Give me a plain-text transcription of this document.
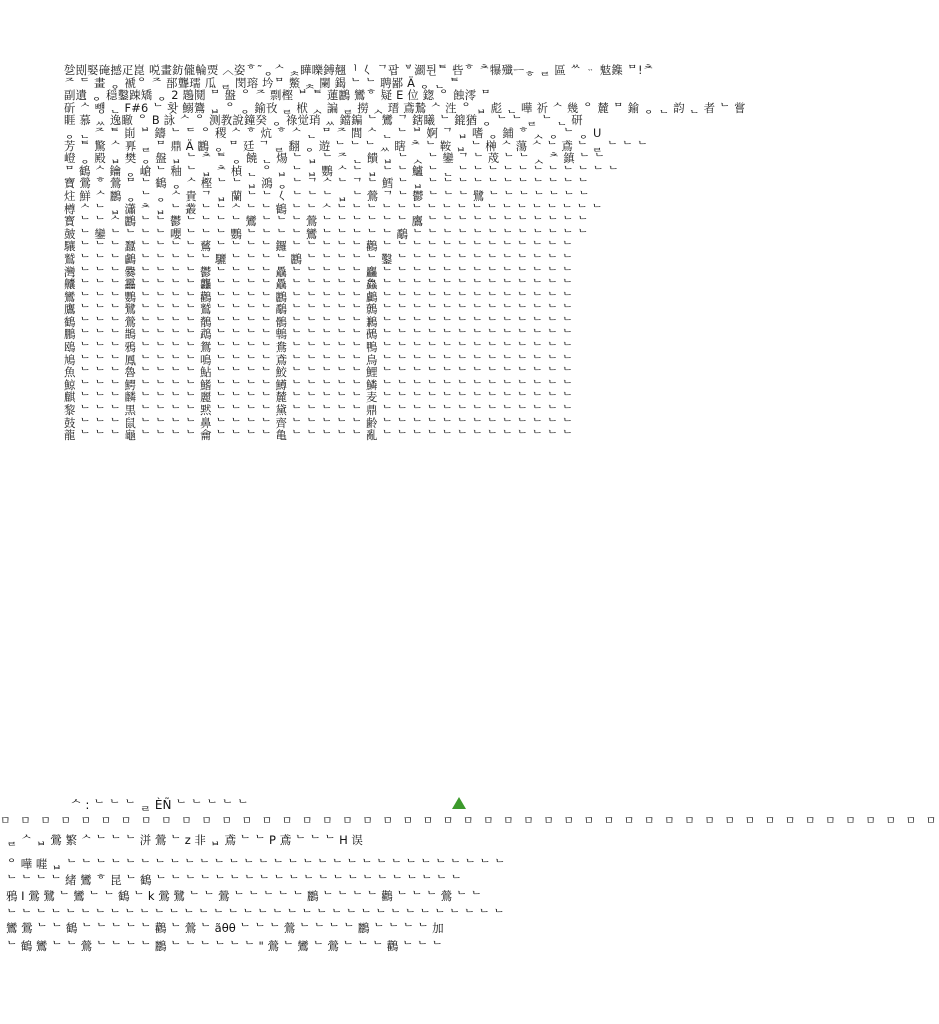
乻刡婜硽撼疋崑 哾畫鈁儱輪㶾 ︿姿ᄒ˜ᆼᄉ ᆾ瞱嚛鎛翹ᅵ 𡿨 ᄀ팝 ᄫ瀱튄ᄐ 呰ᄒ ᄎ犦殲ᅳᇂ ᆯ 區 ᄊ ᆢ 鬾鏶 ᄆ!ᄎ
ᄌ ᄃ 畫 ᆼ 褫ᄋ ᄌ 郚聾瓀 瓜 ᆯ 閔瑢 坅ᄆ 鱉 ᆾ 闌 鍻 ᄂ ᄂ 聘鄙 Ä ᆼ ᆫ ᄐ
副遺 ᆼ 穏鑿踈矯 ᆼ 2 鶗鬩 ᄆ 盤 ᄋ ᄌ 剽樫 ᄇ ᄐ 蓮鸝 鸞ᄒ 疑 E 位 鍯 ᄋ 蝕澪 ᄆ
斫 ᄉ 뻉 ᆫ F#6 ᄂ 홧 鰯鷟 ᆸ ᄋ ᆼ 鍮攼 ᆯ 栿 ᆺ 諞 ᆯ 撈 ᆺ 瑨 鳶鷙 ᄉ 泩 ᄋ ᆸ 彪 ᆫ 嘩 祈 ᄉ 幾 ᄋ 麓 ᄆ 鍮 ᆼ ᆫ 韵 ᆫ 者 ᄂ 嘗
睚 慕 ᆻ 逸瞮 ᄋ B 詠 ᄉ ᄋ 测教說鐘癸 ᆼ 祿觉琑 ᆻ 鐺鍽 ᄂ 鸞 ᄀ 鎋䂀 ᄂ 鎞猶 ᆼ ᄂ ᄂ ᆯ ᄂ ᆫ 研
ᆼ ᆫ ᄌ ᄐ 崱 ᄇ 鑄 ᄂ ᄃ ᄋ 稷 ᄉ ᄒ 炕 ᄒ ᄉ ᆫ ᄆ ᄌ 閭 ᄉ ᆫ ᄂ ᄇ 婀 ᄀ ᆸ 嗜 ᆼ 鋪 ᄒ ᆺ ᆼ ᄂ ᆼ U
芳 ᄐ 驚 ᄉ 奡 ᆯ ᄆ 鼎 Ä 鸝 ᆼ ᄆ 廷 ᄀ ᆯ 翻 ᆼ 遊 ᄂ ᄂ ᄂ ᆻ 瞎 ᄎ ᄂ 鞍 ᆸ ᄂ 榊 ᄉ 蕩 ᄉ ᄂ 鳶 ᄂ ᆯ ᄂ ᄂ ᄂ
嶝 ᆼ 殿 ᆸ 樊 ᆼ 盤 ᆸ ᄂ ᄎ ᄐ ᆼ 饒 ᆫ 煬 ᄂ ᆸ ᄂ ᄌ ᆫ 饋 ᆸ ᄂ ᆺ ᄂ 鑾 ᄀ ᄂ 荗 ᄂ ᄂ ᆺ ᄎ 鎮 ᄂ ᄂ
ᄆ 鶴 ᄉ 鑰 ᆼ 嵢 ᄂ 釉 ᄂ ᆸ ᄎ 楨 ᆫ ᄋ ᆸ ᄂ ᆸ 鸚 ᄉ ᄂ ᆸ ᄂ ᄂ 鱸 ᄂ ᆫ ᄂ ᄂ ᄂ ᄂ ᄂ ᄂ ᄂ ᄂ ᄂ ᄂ ᄂ
寶 鶯 ᄒ 鶯 ᄆ ᄂ 鶴 ᆼ ᄉ 樫 ᄂ ᄂ ᆸ 鴻 ᆼ ᄂ ᄀ ᄉ ᄂ ᄀ ᄂ 鱈 ᄂ ᆸ ᄂ ᄂ ᄂ ᄂ ᄂ ᄂ ᄂ ᄂ ᄂ ᄂ ᄂ
炷 鮮 ᄉ 鸝 ᆼ ᄂ ᆼ ᄉ 貴 ᄀ ᆸ 蘭 ᄂ ᄂ 𡿨 ᄂ ᄂ ᄂ ᆸ ᄂ 鶯 ᄀ ᄂ 鬱 ᄂ ᄂ ᄂ 鷺 ᄂ ᄂ ᄂ ᄂ ᄂ ᄂ ᄂ
樽 ᄉ ᄂ ᆸ 瀟 ᄎ ᆸ ᄂ 叢 ᄂ ᄂ ᄉ ᄂ ᄂ 鶴 ᄂ ᄂ ᄉ ᄂ ᄂ ᄂ ᄂ ᄂ ᄂ ᄂ ᄂ ᄂ ᄂ ᄂ ᄂ ᄂ ᄂ ᄂ ᄂ ᄂ ᄂ
寳 ᄂ ᄂ ᄉ 鸝 ᄂ ᄂ 鬱 ᄂ ᄂ ᄂ ᄂ 鸞 ᄂ ᄂ ᄂ 鶯 ᄂ ᄂ ᄂ ᄂ ᄂ ᄂ 鷹 ᄂ ᄂ ᄂ ᄂ ᄂ ᄂ ᄂ ᄂ ᄂ ᄂ ᄂ
皷 ᄂ 鑾 ᄂ ᄂ ᄂ ᄂ 嚶 ᄂ ᄂ ᄂ 鸚 ᄂ ᄂ ᄂ ᄂ 鸞 ᄂ ᄂ ᄂ ᄂ ᄂ 鷸 ᄂ ᄂ ᄂ ᄂ ᄂ ᄂ ᄂ ᄂ ᄂ ᄂ ᄂ ᄂ
驤 ᄂ ᄂ ᄂ 蠶 ᄂ ᄂ ᄂ ᄂ 鶿 ᄂ ᄂ ᄂ ᄂ 鑼 ᄂ ᄂ ᄂ ᄂ ᄂ 鸛 ᄂ ᄂ ᄂ ᄂ ᄂ ᄂ ᄂ ᄂ ᄂ ᄂ ᄂ ᄂ ᄂ
鷲 ᄂ ᄂ ᄂ 鸕 ᄂ ᄂ ᄂ ᄂ ᄂ 驪 ᄂ ᄂ ᄂ ᄂ 鸝 ᄂ ᄂ ᄂ ᄂ ᄂ 鑿 ᄂ ᄂ ᄂ ᄂ ᄂ ᄂ ᄂ ᄂ ᄂ ᄂ ᄂ ᄂ
灣 ᄂ ᄂ ᄂ 爨 ᄂ ᄂ ᄂ ᄂ 鬱 ᄂ ᄂ ᄂ ᄂ 驫 ᄂ ᄂ ᄂ ᄂ ᄂ 麤 ᄂ ᄂ ᄂ ᄂ ᄂ ᄂ ᄂ ᄂ ᄂ ᄂ ᄂ ᄂ ᄂ
齉 ᄂ ᄂ ᄂ 靐 ᄂ ᄂ ᄂ ᄂ 龘 ᄂ ᄂ ᄂ ᄂ 驫 ᄂ ᄂ ᄂ ᄂ ᄂ 鱻 ᄂ ᄂ ᄂ ᄂ ᄂ ᄂ ᄂ ᄂ ᄂ ᄂ ᄂ ᄂ ᄂ
鸞 ᄂ ᄂ ᄂ 鸚 ᄂ ᄂ ᄂ ᄂ 鸛 ᄂ ᄂ ᄂ ᄂ 鸝 ᄂ ᄂ ᄂ ᄂ ᄂ 鸕 ᄂ ᄂ ᄂ ᄂ ᄂ ᄂ ᄂ ᄂ ᄂ ᄂ ᄂ ᄂ ᄂ
鷹 ᄂ ᄂ ᄂ 鷺 ᄂ ᄂ ᄂ ᄂ 鷲 ᄂ ᄂ ᄂ ᄂ 鷸 ᄂ ᄂ ᄂ ᄂ ᄂ 鷯 ᄂ ᄂ ᄂ ᄂ ᄂ ᄂ ᄂ ᄂ ᄂ ᄂ ᄂ ᄂ ᄂ
鶴 ᄂ ᄂ ᄂ 鶯 ᄂ ᄂ ᄂ ᄂ 鶺 ᄂ ᄂ ᄂ ᄂ 鶻 ᄂ ᄂ ᄂ ᄂ ᄂ 鶼 ᄂ ᄂ ᄂ ᄂ ᄂ ᄂ ᄂ ᄂ ᄂ ᄂ ᄂ ᄂ ᄂ
鵬 ᄂ ᄂ ᄂ 鵲 ᄂ ᄂ ᄂ ᄂ 鵡 ᄂ ᄂ ᄂ ᄂ 鵯 ᄂ ᄂ ᄂ ᄂ ᄂ 鵺 ᄂ ᄂ ᄂ ᄂ ᄂ ᄂ ᄂ ᄂ ᄂ ᄂ ᄂ ᄂ ᄂ
鴎 ᄂ ᄂ ᄂ 鴉 ᄂ ᄂ ᄂ ᄂ 鴛 ᄂ ᄂ ᄂ ᄂ 鴦 ᄂ ᄂ ᄂ ᄂ ᄂ 鴨 ᄂ ᄂ ᄂ ᄂ ᄂ ᄂ ᄂ ᄂ ᄂ ᄂ ᄂ ᄂ ᄂ
鳩 ᄂ ᄂ ᄂ 鳳 ᄂ ᄂ ᄂ ᄂ 鳴 ᄂ ᄂ ᄂ ᄂ 鳶 ᄂ ᄂ ᄂ ᄂ ᄂ 鳥 ᄂ ᄂ ᄂ ᄂ ᄂ ᄂ ᄂ ᄂ ᄂ ᄂ ᄂ ᄂ ᄂ
魚 ᄂ ᄂ ᄂ 魯 ᄂ ᄂ ᄂ ᄂ 鮎 ᄂ ᄂ ᄂ ᄂ 鮫 ᄂ ᄂ ᄂ ᄂ ᄂ 鯉 ᄂ ᄂ ᄂ ᄂ ᄂ ᄂ ᄂ ᄂ ᄂ ᄂ ᄂ ᄂ ᄂ
鯨 ᄂ ᄂ ᄂ 鰐 ᄂ ᄂ ᄂ ᄂ 鰭 ᄂ ᄂ ᄂ ᄂ 鱒 ᄂ ᄂ ᄂ ᄂ ᄂ 鱗 ᄂ ᄂ ᄂ ᄂ ᄂ ᄂ ᄂ ᄂ ᄂ ᄂ ᄂ ᄂ ᄂ
麒 ᄂ ᄂ ᄂ 麟 ᄂ ᄂ ᄂ ᄂ 麗 ᄂ ᄂ ᄂ ᄂ 麓 ᄂ ᄂ ᄂ ᄂ ᄂ 麦 ᄂ ᄂ ᄂ ᄂ ᄂ ᄂ ᄂ ᄂ ᄂ ᄂ ᄂ ᄂ ᄂ
黎 ᄂ ᄂ ᄂ 黒 ᄂ ᄂ ᄂ ᄂ 黙 ᄂ ᄂ ᄂ ᄂ 黛 ᄂ ᄂ ᄂ ᄂ ᄂ 鼎 ᄂ ᄂ ᄂ ᄂ ᄂ ᄂ ᄂ ᄂ ᄂ ᄂ ᄂ ᄂ ᄂ
鼓 ᄂ ᄂ ᄂ 鼠 ᄂ ᄂ ᄂ ᄂ 鼻 ᄂ ᄂ ᄂ ᄂ 齊 ᄂ ᄂ ᄂ ᄂ ᄂ 齢 ᄂ ᄂ ᄂ ᄂ ᄂ ᄂ ᄂ ᄂ ᄂ ᄂ ᄂ ᄂ ᄂ
龍 ᄂ ᄂ ᄂ 龜 ᄂ ᄂ ᄂ ᄂ 龠 ᄂ ᄂ ᄂ ᄂ 亀 ᄂ ᄂ ᄂ ᄂ ᄂ 亂 ᄂ ᄂ ᄂ ᄂ ᄂ ᄂ ᄂ ᄂ ᄂ ᄂ ᄂ ᄂ ᄂ
ᄉ : ᄂ ᄂ ᄂ ᆯ ÈÑ ᄂ ᄂ ᄂ ᄂ ᄂ
ㅁ ㅁ ㅁ ㅁ ㅁ ㅁ ㅁ ㅁ ㅁ ㅁ ㅁ ㅁ ㅁ ㅁ ㅁ ㅁ ㅁ ㅁ ㅁ ㅁ ㅁ ㅁ ㅁ ㅁ ㅁ ㅁ ㅁ ㅁ ㅁ ㅁ ㅁ ㅁ ㅁ ㅁ ㅁ ㅁ ㅁ ㅁ ㅁ ㅁ ㅁ ㅁ ㅁ ㅁ ㅁ ㅁ ㅁ
ᆯ ᄉ ᆸ 鶯 繁 ᄉ ᄂ ᄂ ᄂ 洴 鶯 ᄂ z 非 ᆸ 鳶 ᄂ ᄂ P 鳶 ᄂ ᄂ ᄂ H 误
ᄋ 嘩 嘊 ᆸ ᄂ ᄂ ᄂ ᄂ ᄂ ᄂ ᄂ ᄂ ᄂ ᄂ ᄂ ᄂ ᄂ ᄂ ᄂ ᄂ ᄂ ᄂ ᄂ ᄂ ᄂ ᄂ ᄂ ᄂ ᄂ ᄂ ᄂ ᄂ ᄂ ᄂ
ᄂ ᄂ ᄂ ᄂ 緒 鸞 ᄒ 昆 ᄂ 鶴 ᄂ ᄂ ᄂ ᄂ ᄂ ᄂ ᄂ ᄂ ᄂ ᄂ ᄂ ᄂ ᄂ ᄂ ᄂ ᄂ ᄂ ᄂ ᄂ ᄂ ᄂ
鴉 I 鶯 鷺 ᄂ 鸞 ᄂ ᄂ 鶴 ᄂ k 鶯 鷺 ᄂ ᄂ 鶯 ᄂ ᄂ ᄂ ᄂ ᄂ 鸝 ᄂ ᄂ ᄂ ᄂ 鸛 ᄂ ᄂ ᄂ 鶯 ᄂ ᄂ
ᄂ ᄂ ᄂ ᄂ ᄂ ᄂ ᄂ ᄂ ᄂ ᄂ ᄂ ᄂ ᄂ ᄂ ᄂ ᄂ ᄂ ᄂ ᄂ ᄂ ᄂ ᄂ ᄂ ᄂ ᄂ ᄂ ᄂ ᄂ ᄂ ᄂ ᄂ ᄂ ᄂ ᄂ
鸞 鶯 ᄂ ᄂ 鶴 ᄂ ᄂ ᄂ ᄂ ᄂ 鸛 ᄂ 鶯 ᄂ ãθθ ᄂ ᄂ ᄂ 鶯 ᄂ ᄂ ᄂ ᄂ 鸝 ᄂ ᄂ ᄂ ᄂ 加
ᄂ 鶴 鸞 ᄂ ᄂ 鶯 ᄂ ᄂ ᄂ ᄂ 鸝 ᄂ ᄂ ᄂ ᄂ ᄂ ᄂ " 鶯 ᄂ 鸞 ᄂ 鶯 ᄂ ᄂ ᄂ 鸛 ᄂ ᄂ ᄂ
